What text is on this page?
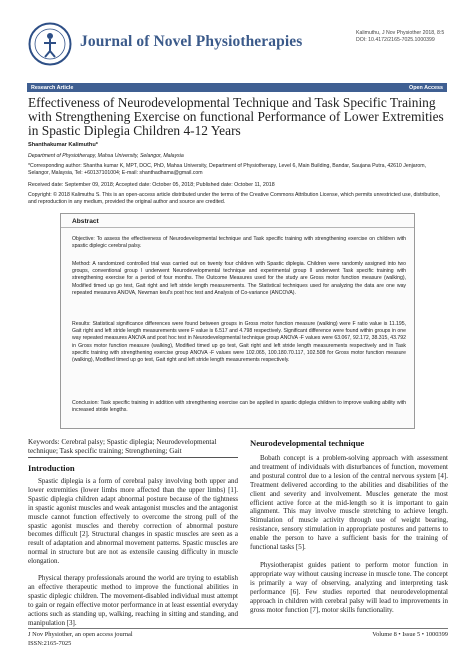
Journal of Novel Physiotherapies	Kalimuthu, J Nov Physiother 2018, 8:5
DOI: 10.4172/2165-7025.1000399
Research Article	Open Access
Effectiveness of Neurodevelopmental Technique and Task Specific Training with Strengthening Exercise on functional Performance of Lower Extremities in Spastic Diplegia Children 4-12 Years
Shanthakumar Kalimuthu*
Department of Physiotherapy, Mahsa University, Selangor, Malaysia
*Corresponding author: Shantha kumar K, MPT, DOC, PhD, Mahsa University, Department of Physiotherapy, Level 6, Main Building, Bandar, Saujana Putra, 42610 Jenjarom, Selangor, Malaysia, Tel: +60137101004; E-mail: shanthadhama@gmail.com
Received date: September 09, 2018; Accepted date: October 05, 2018; Published date: October 11, 2018
Copyright: © 2018 Kalimuthu S. This is an open-access article distributed under the terms of the Creative Commons Attribution License, which permits unrestricted use, distribution, and reproduction in any medium, provided the original author and source are credited.
Abstract
Objective: To assess the effectiveness of Neurodevelopmental technique and Task specific training with strengthening exercise on children with spastic diplegic cerebral palsy.
Method: A randomized controlled trial was carried out on twenty four children with Spastic diplegia. Children were randomly assigned into two groups, conventional group I underwent Neurodevelopmental technique and experimental group II underwent Task specific training with strengthening exercise for a period of four months. The Outcome Measures used for the study are Gross motor function measure (walking), Modified timed up go test, Gait right and left stride length measurements. The Statistical techniques used for analyzing the data are one way repeated measures ANOVA, Newman keul's post hoc test and Analysis of Co-variance (ANCOVA).
Results: Statistical significance differences were found between groups in Gross motor function measure (walking) were F ratio value is 11.195, Gait right and left stride length measurements were F value is 6.517 and 4.798 respectively. Significant difference were found within groups in one way repeated measures ANOVA and post hoc test in Neurodevelopmental technique group ANOVA -F values were 63.067, 92.172, 38.315, 43.792 in Gross motor function measure (walking), Modified timed up go test, Gait right and left stride length measurements respectively and in Task specific training with strengthening exercise group ANOVA -F values were 102.065, 100.180.70.117, 102.508 for Gross motor function measure (walking), Modified timed up go test, Gait right and left stride length measurements respectively.
Conclusion: Task specific training in addition with strengthening exercise can be applied in spastic diplegia children to improve walking ability with increased stride lengths.
Keywords: Cerebral palsy; Spastic diplegia; Neurodevelopmental technique; Task specific training; Strengthening; Gait
Introduction
Spastic diplegia is a form of cerebral palsy involving both upper and lower extremities (lower limbs more affected than the upper limbs) [1]. Spastic diplegia children adapt abnormal posture because of the tightness in spastic agonist muscles and weak antagonist muscles and the antagonist muscle cannot function effectively to overcome the strong pull of the spastic agonist muscles and thereby correction of abnormal posture becomes difficult [2]. Structural changes in spastic muscles are seen as a result of adaptation and abnormal movement patterns. Spastic muscles are normal in structure but are not as extensile causing difficulty in muscle elongation.
Physical therapy professionals around the world are trying to establish an effective therapeutic method to improve the functional abilities in spastic diplegic children. The movement-disabled individual must attempt to gain or regain effective motor performance in at least essential everyday actions such as standing up, walking, reaching in sitting and standing, and manipulation [3].
Neurodevelopmental technique
Bobath concept is a problem-solving approach with assessment and treatment of individuals with disturbances of function, movement and postural control due to a lesion of the central nervous system [4]. Treatment delivered according to the abilities and disabilities of the client and severity and involvement. Muscles generate the most efficient active force at the mid-length so it is important to gain alignment. This may involve muscle stretching to achieve length. Stimulation of muscle activity through use of weight bearing, resistance, sensory stimulation in appropriate postures and patterns to enable the person to have a sufficient basis for the training of functional tasks [5].
Physiotherapist guides patient to perform motor function in appropriate way without causing increase in muscle tone. The concept is primarily a way of observing, analyzing and interpreting task performance [6]. Few studies reported that neurodevelopmental approach in children with cerebral palsy will lead to improvements in gross motor function [7], motor skills functionality.
J Nov Physiother, an open access journal
ISSN:2165-7025
Volume 8 • Issue 5 • 1000399
